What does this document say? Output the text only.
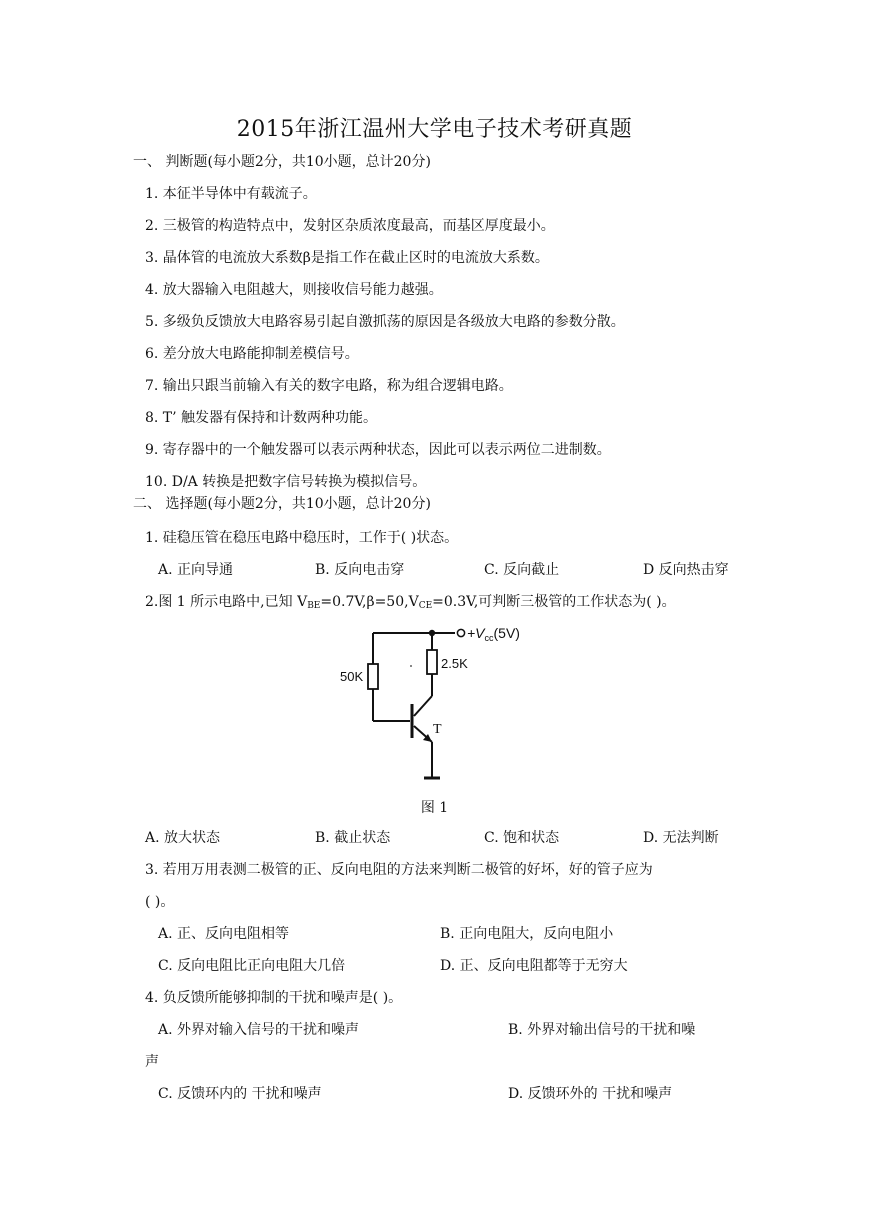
2015年浙江温州大学电子技术考研真题
一、 判断题(每小题2分，共10小题，总计20分)
1. 本征半导体中有载流子。
2. 三极管的构造特点中，发射区杂质浓度最高，而基区厚度最小。
3. 晶体管的电流放大系数β是指工作在截止区时的电流放大系数。
4. 放大器输入电阻越大，则接收信号能力越强。
5. 多级负反馈放大电路容易引起自激抓荡的原因是各级放大电路的参数分散。
6. 差分放大电路能抑制差模信号。
7. 输出只跟当前输入有关的数字电路，称为组合逻辑电路。
8. T’ 触发器有保持和计数两种功能。
9. 寄存器中的一个触发器可以表示两种状态，因此可以表示两位二进制数。
10. D/A 转换是把数字信号转换为模拟信号。
二、 选择题(每小题2分，共10小题，总计20分)
1. 硅稳压管在稳压电路中稳压时，工作于( )状态。
A. 正向导通	B. 反向电击穿	C. 反向截止	D 反向热击穿
2.图 1 所示电路中,已知 $V_{BE}=0.7V,\beta=50,V_{CE}=0.3V$,可判断三极管的工作状态为( )。
$+V_{cc}(5V)$
50K
2.5K
T
图 1
A. 放大状态	B. 截止状态	C. 饱和状态	D. 无法判断
3. 若用万用表测二极管的正、反向电阻的方法来判断二极管的好坏，好的管子应为
( )。
A. 正、反向电阻相等	B. 正向电阻大，反向电阻小
C. 反向电阻比正向电阻大几倍	D. 正、反向电阻都等于无穷大
4. 负反馈所能够抑制的干扰和噪声是( )。
A. 外界对输入信号的干扰和噪声	B. 外界对输出信号的干扰和噪
声
C. 反馈环内的 干扰和噪声	D. 反馈环外的 干扰和噪声
